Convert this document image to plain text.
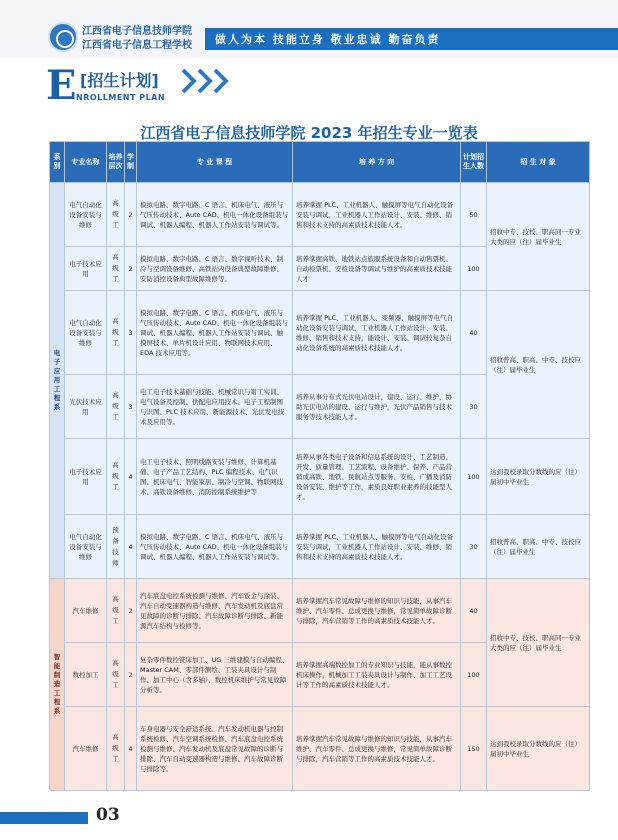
江西省电子信息技师学院
江西省电子信息工程学校 做人为本 技能立身 敬业忠诚 勤奋负责
E [招生计划]
NROLLMENT PLAN
江西省电子信息技师学院 2023 年招生专业一览表
系别	专业名称	培养层次	学制	专 业 课 程	培 养 方 向	计划招生人数	招 生 对 象
电子应用工程系	电气自动化设备安装与维修	高级工	2	模拟电路、数字电路、C 语言、机床电气、液压与气压传动技术、Auto CAD、机电一体化设备组装与调试、机器人编程、机器人工作站安装与调试等。	培养掌握 PLC、工业机器人、触摸屏等电气自动化设备安装与调试，工业机器人工作站设计、安装、维修、销售和技术支持的高素质技术技能人才。	50	招收中专、技校、职高同一专业大类的应（往）届毕业生
	电子技术应用	高级工	2	模拟电路、数字电路、C 语言、数字视听技术、制冷与空调设备维修、高铁站内设备典型故障维修、安防消控设备典型故障维修等。	培养掌握高铁、地铁站点旅服系统设备和自动售票机、自动检票机、安检设备等调试与维护的高素质技术技能人才	100	
	电气自动化设备安装与维修	高级工	3	模拟电路、数字电路、C 语言、机床电气、液压与气压传动技术、Auto CAD、机电一体化设备组装与调试、机器人编程、机器人工作站安装与调试、触摸屏技术、单片机设计应用、物联网技术应用、EDA 技术应用等。	培养掌握 PLC、工业机器人、变频器、触摸屏等电气自动化设备安装与调试，工业机器人工作站设计、安装、维修、销售和技术支持，能设计、安装、调试较复杂自动化设备系统的高素质技术技能人才。	40	招收普高、职高、中专、技校应（往）届毕业生
	光伏技术应用	高级工	3	电工电子技术基础与技能、机械常识与钳工实训、电气设备及控制、供配电应用技术、电子工程制图与识图、PLC 技术应用、新能源技术、光伏发电技术及应用等。	培养从事分布式光伏电站设计、建设、运行、维护，协助光伏电站的建设、运行与维护，光伏产品销售与技术服务等技术技能人才。	30	
	电子技术应用	高级工	4	电工电子技术、照明线路安装与维修、计算机基础、电子产品工艺结构、PLC 编程技术、电气识图、机床电气、智能家居、制冷与空调、物联网技术、高铁设备维修、消防控制系统维护等	培养从事各类电子设备和信息系统的设计、工艺制造、开发、质量管理、工艺流程、设备维护、保养、产品营销或高铁、地铁、民航站点等服务、安检、广播及消防设备安装、维护等工作，素质良好职业素养的技能型人才。	100	达到我校录取分数线的应（往）届初中毕业生
	电气自动化设备安装与维修	预备技师	4	模拟电路、数字电路、C 语言、机床电气、液压与气压传动技术、Auto CAD、机电一体化设备组装与调试、机器人编程、机器人工作站安装与调试等。	培养掌握 PLC、工业机器人、触摸屏等电气自动化设备安装与调试，工业机器人工作站设计、安装、维修、销售和技术支持的高素质技术技能人才。	30	招收普高、职高、中专、技校应（往）届毕业生
智能制造工程系	汽车维修	高级工	2	汽车底盘电控系统检测与维修、汽车钣金与涂装、汽车自动变速器构造与维修、汽车发动机及底盘常见故障的诊断与排除、汽车故障诊断与排除、新能源汽车结构与检修等。	培养掌握汽车常见故障与维修的知识与技能，从事汽车维护、汽车零件、总成更换与维修，常见简单故障诊断与排除，汽车营销等工作的高素质技术技能人才。	40	招收中专、技校、职高同一专业大类的应（往）届毕业生
	数控加工	高级工	2	复杂零件数控铣床加工、UG 三维建模与自动编程、Master CAM、零部件测绘、工装夹具设计与制作、加工中心（含多轴）、数控机床维护与常见故障分析等。	培养掌握高端数控加工的专业知识与技能，能从事数控机床操作，机械加工工装夹具设计与制作、加工工艺设计等工作的高素质技术技能人才。	100	
	汽车维修	高级工	4	车身电器与安全舒适系统、汽车发动机电器与控制系统检修、汽车空调系统检修、汽车底盘电控系统检测与维修、汽车发动机及底盘常见故障的诊断与排除、汽车自动变速器构造与维修、汽车故障诊断与排除等。	培养掌握汽车常见故障与维修的知识与技能，从事汽车维护、汽车零件、总成更换与维修，常见简单故障诊断与排除，汽车营销等工作的高素质技术技能人才。	150	达到我校录取分数线的应（往）届初中毕业生
03
